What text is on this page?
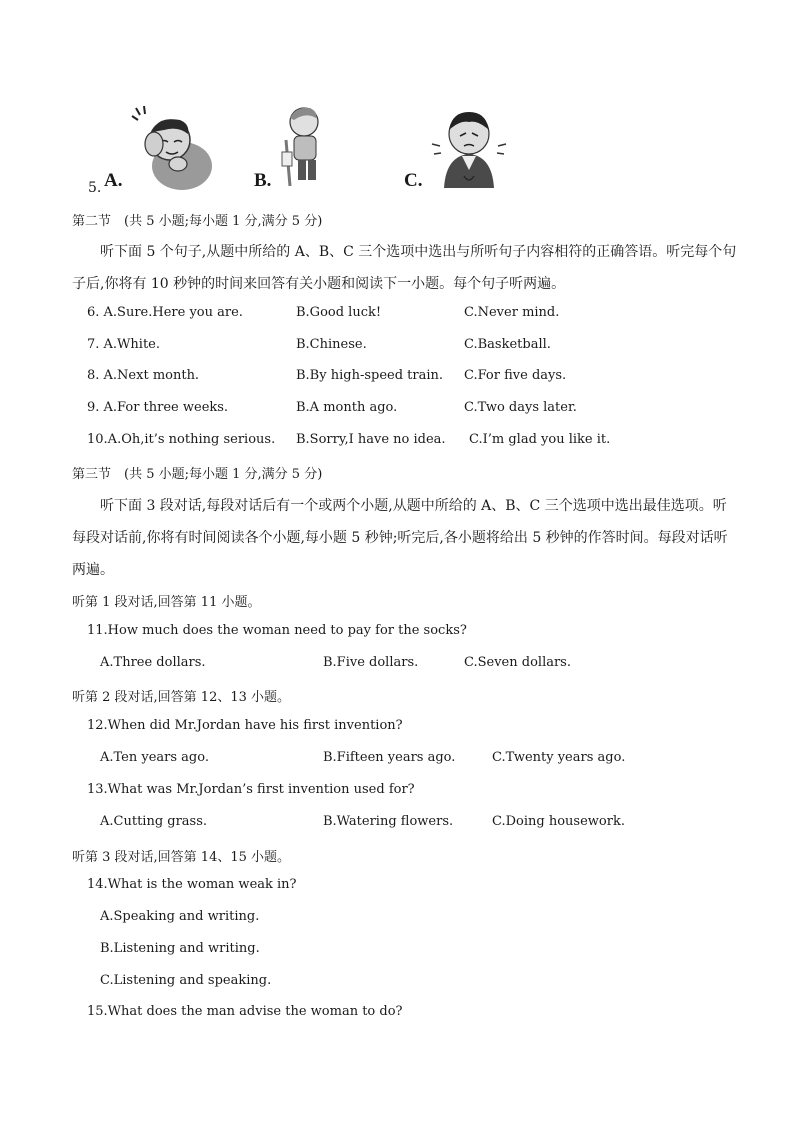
5. A.	B.	C.
第二节　(共 5 小题;每小题 1 分,满分 5 分)
听下面 5 个句子,从题中所给的 A、B、C 三个选项中选出与所听句子内容相符的正确答语。听完每个句
子后,你将有 10 秒钟的时间来回答有关小题和阅读下一小题。每个句子听两遍。
6. A.Sure.Here you are.	B.Good luck!	C.Never mind.
7. A.White.	B.Chinese.	C.Basketball.
8. A.Next month.	B.By high-speed train. C.For five days.
9. A.For three weeks.	B.A month ago.	C.Two days later.
10.A.Oh,it’s nothing serious. B.Sorry,I have no idea. C.I’m glad you like it.
第三节　(共 5 小题;每小题 1 分,满分 5 分)
听下面 3 段对话,每段对话后有一个或两个小题,从题中所给的 A、B、C 三个选项中选出最佳选项。听
每段对话前,你将有时间阅读各个小题,每小题 5 秒钟;听完后,各小题将给出 5 秒钟的作答时间。每段对话听
两遍。
听第 1 段对话,回答第 11 小题。
11.How much does the woman need to pay for the socks?
A.Three dollars.	B.Five dollars.	C.Seven dollars.
听第 2 段对话,回答第 12、13 小题。
12.When did Mr.Jordan have his first invention?
A.Ten years ago.	B.Fifteen years ago.	C.Twenty years ago.
13.What was Mr.Jordan’s first invention used for?
A.Cutting grass.	B.Watering flowers.	C.Doing housework.
听第 3 段对话,回答第 14、15 小题。
14.What is the woman weak in?
A.Speaking and writing.
B.Listening and writing.
C.Listening and speaking.
15.What does the man advise the woman to do?
